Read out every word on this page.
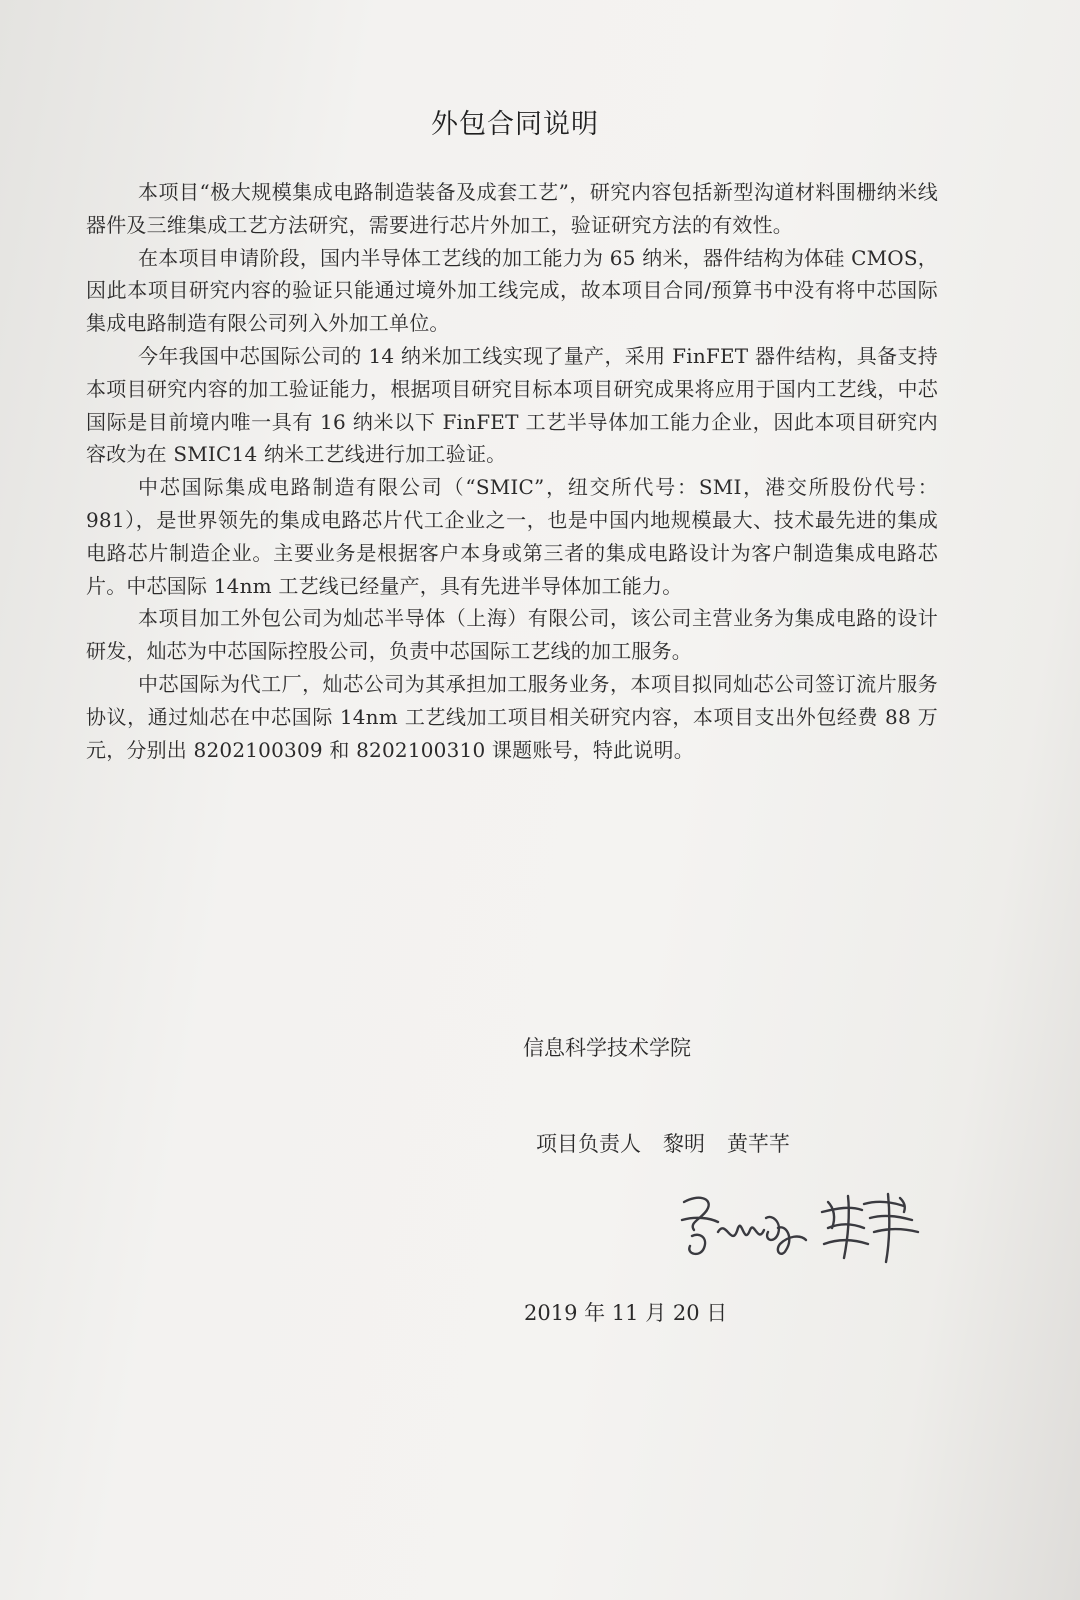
外包合同说明

本项目“极大规模集成电路制造装备及成套工艺”，研究内容包括新型沟道材料围栅纳米线器件及三维集成工艺方法研究，需要进行芯片外加工，验证研究方法的有效性。

在本项目申请阶段，国内半导体工艺线的加工能力为 65 纳米，器件结构为体硅 CMOS，因此本项目研究内容的验证只能通过境外加工线完成，故本项目合同/预算书中没有将中芯国际集成电路制造有限公司列入外加工单位。

今年我国中芯国际公司的 14 纳米加工线实现了量产，采用 FinFET 器件结构，具备支持本项目研究内容的加工验证能力，根据项目研究目标本项目研究成果将应用于国内工艺线，中芯国际是目前境内唯一具有 16 纳米以下 FinFET 工艺半导体加工能力企业，因此本项目研究内容改为在 SMIC14 纳米工艺线进行加工验证。

中芯国际集成电路制造有限公司（“SMIC”，纽交所代号：SMI，港交所股份代号：981），是世界领先的集成电路芯片代工企业之一，也是中国内地规模最大、技术最先进的集成电路芯片制造企业。主要业务是根据客户本身或第三者的集成电路设计为客户制造集成电路芯片。中芯国际 14nm 工艺线已经量产，具有先进半导体加工能力。

本项目加工外包公司为灿芯半导体（上海）有限公司，该公司主营业务为集成电路的设计研发，灿芯为中芯国际控股公司，负责中芯国际工艺线的加工服务。

中芯国际为代工厂，灿芯公司为其承担加工服务业务，本项目拟同灿芯公司签订流片服务协议，通过灿芯在中芯国际 14nm 工艺线加工项目相关研究内容，本项目支出外包经费 88 万元，分别出 8202100309 和 8202100310 课题账号，特此说明。

信息科学技术学院
项目负责人 黎明 黄芊芊
2019 年 11 月 20 日
